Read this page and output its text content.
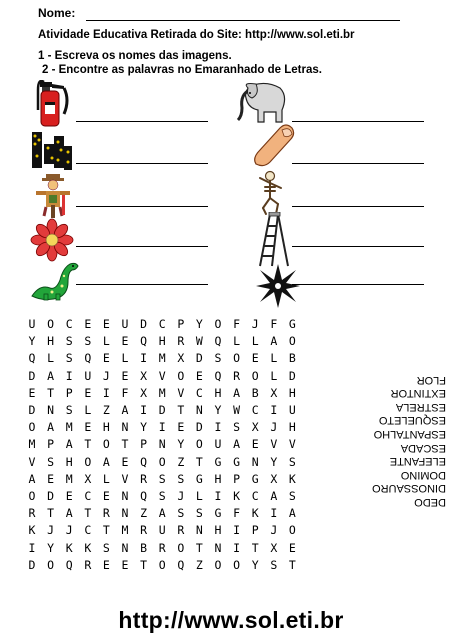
Nome:
Atividade Educativa Retirada do Site: http://www.sol.eti.br
1 - Escreva os nomes das imagens.
2 - Encontre as palavras no Emaranhado de Letras.
U	O	C	E	E	U	D	C	P	Y	O	F	J	F	G
Y	H	S	S	L	E	Q	H	R	W	Q	L	L	A	O
Q	L	S	Q	E	L	I	M	X	D	S	O	E	L	B
D	A	I	U	J	E	X	V	O	E	Q	R	O	L	D
E	T	P	E	I	F	X	M	V	C	H	A	B	X	H
D	N	S	L	Z	A	I	D	T	N	Y	W	C	I	U
O	A	M	E	H	N	Y	I	E	D	I	S	X	J	H
M	P	A	T	O	T	P	N	Y	O	U	A	E	V	V
V	S	H	O	A	E	Q	O	Z	T	G	G	N	Y	S
A	E	M	X	L	V	R	S	S	G	H	P	G	X	K
O	D	E	C	E	N	Q	S	J	L	I	K	C	A	S
R	T	A	T	R	N	Z	A	S	S	G	F	K	I	A
K	J	J	C	T	M	R	U	R	N	H	I	P	J	O
I	Y	K	K	S	N	B	R	O	T	N	I	T	X	E
D	O	Q	R	E	E	T	O	Q	Z	O	O	Y	S	T
DEDO
DINOSSAURO
DOMINO
ELEFANTE
ESCADA
ESPANTALHO
ESQUELETO
ESTRELA
EXTINTOR
FLOR
http://www.sol.eti.br
